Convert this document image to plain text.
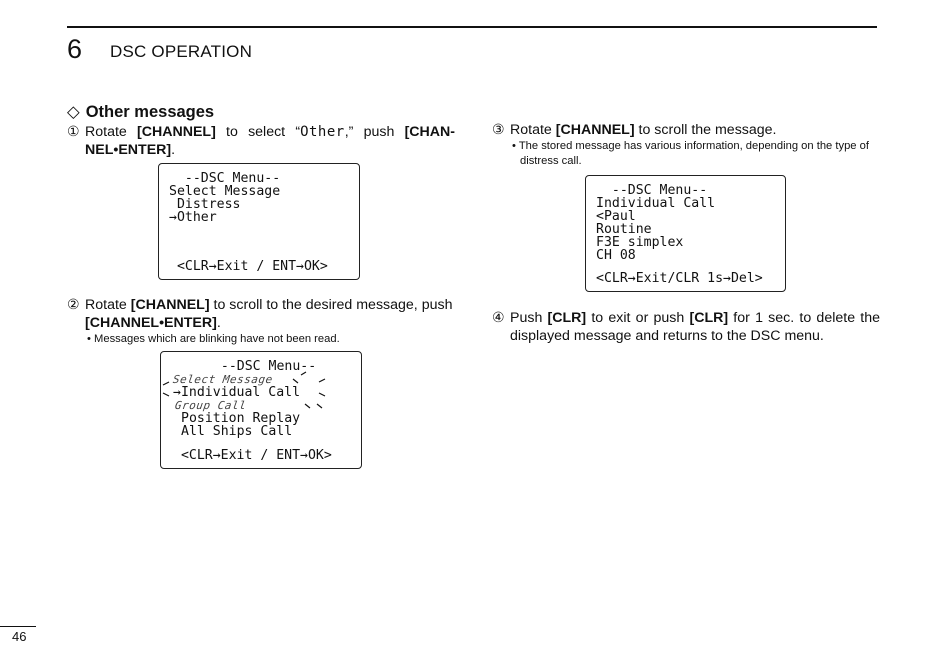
6 DSC OPERATION
◇ Other messages
① Rotate [CHANNEL] to select “Other,” push [CHAN-NEL•ENTER].
--DSC Menu--
Select Message
Distress
→Other
<CLR→Exit / ENT→OK>
② Rotate [CHANNEL] to scroll to the desired message, push [CHANNEL•ENTER].
• Messages which are blinking have not been read.
--DSC Menu--
Select Message
→Individual Call
Group Call
Position Replay
All Ships Call
<CLR→Exit / ENT→OK>
③ Rotate [CHANNEL] to scroll the message.
• The stored message has various information, depending on the type of distress call.
--DSC Menu--
Individual Call
<Paul
Routine
F3E simplex
CH 08
<CLR→Exit/CLR 1s→Del>
④ Push [CLR] to exit or push [CLR] for 1 sec. to delete the displayed message and returns to the DSC menu.
46
